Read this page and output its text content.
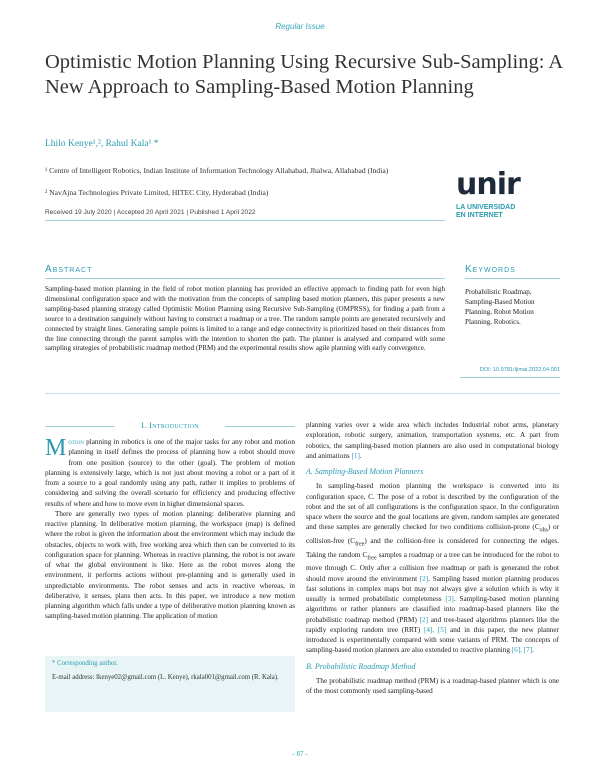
Regular Issue
Optimistic Motion Planning Using Recursive Sub-Sampling: A New Approach to Sampling-Based Motion Planning
Lhilo Kenye¹,², Rahul Kala¹ *
¹ Centre of Intelligent Robotics, Indian Institute of Information Technology Allahabad, Jhalwa, Allahabad (India)
² NavAjna Technologies Private Limited, HITEC City, Hyderabad (India)
Received 19 July 2020 | Accepted 20 April 2021 | Published 1 April 2022
unir
LA UNIVERSIDAD
EN INTERNET
Abstract	Keywords
Sampling-based motion planning in the field of robot motion planning has provided an effective approach to finding path for even high dimensional configuration space and with the motivation from the concepts of sampling based motion planners, this paper presents a new sampling-based planning strategy called Optimistic Motion Planning using Recursive Sub-Sampling (OMPRSS), for finding a path from a source to a destination sanguinely without having to construct a roadmap or a tree. The random sample points are generated recursively and connected by straight lines. Generating sample points is limited to a range and edge connectivity is prioritized based on their distances from the line connecting through the parent samples with the intention to shorten the path. The planner is analysed and compared with some sampling strategies of probabilistic roadmap method (PRM) and the experimental results show agile planning with early convergence.
Probabilistic Roadmap, Sampling-Based Motion Planning, Robot Motion Planning, Robotics.
DOI: 10.9781/ijimai.2022.04.001
I. Introduction

Motion planning in robotics is one of the major tasks for any robot and motion planning in itself defines the process of planning how a robot should move from one position (source) to the other (goal). The problem of motion planning is extensively large, which is not just about moving a robot or a part of it from a source to a goal randomly using any path, rather it implies to problems of considering and solving the overall scenario for efficiency and producing effective results of where and how to move even in higher dimensional spaces.

There are generally two types of motion planning: deliberative planning and reactive planning. In deliberative motion planning, the workspace (map) is defined where the robot is given the information about the environment which may include the obstacles, objects to work with, free working area which then can be converted to its configuration space for planning. Whereas in reactive planning, the robot is not aware of what the global environment is like. Here as the robot moves along the environment, it performs actions without pre-planning and is generally used in unpredictable environments. The robot senses and acts in reactive whereas, in deliberative, it senses, plans then acts. In this paper, we introduce a new motion planning algorithm which falls under a type of deliberative motion planning known as sampling-based motion planning. The application of motion

* Corresponding author.
E-mail address: lkenye02@gmail.com (L. Kenye), rkala001@gmail.com (R. Kala).

planning varies over a wide area which includes Industrial robot arms, planetary exploration, robotic surgery, animation, transportation systems, etc. A part from robotics, the sampling-based motion planners are also used in computational biology and animations [1].

A. Sampling-Based Motion Planners

In sampling-based motion planning the workspace is converted into its configuration space, C. The pose of a robot is described by the configuration of the robot and the set of all configurations is the configuration space. In the configuration space where the source and the goal locations are given, random samples are generated and these samples are generally checked for two conditions collision-prone $(C_{obs})$ or collision-free $(C_{free})$ and the collision-free is considered for connecting the edges. Taking the random $C_{free}$ samples a roadmap or a tree can be introduced for the robot to move through C. Only after a collision free roadmap or path is generated the robot should move around the environment [2]. Sampling based motion planning produces fast solutions in complex maps but may not always give a solution which is why it usually is termed probabilistic completeness [3]. Sampling-based motion planning algorithms or rather planners are classified into roadmap-based planners like the probabilistic roadmap method (PRM) [2] and tree-based algorithms planners like the rapidly exploring random tree (RRT) [4], [5] and in this paper, the new planner introduced is experimentally compared with some variants of PRM. The concepts of sampling-based motion planners are also extended to reactive planning [6], [7].

B. Probabilistic Roadmap Method

The probabilistic roadmap method (PRM) is a roadmap-based planner which is one of the most commonly used sampling-based

- 87 -
